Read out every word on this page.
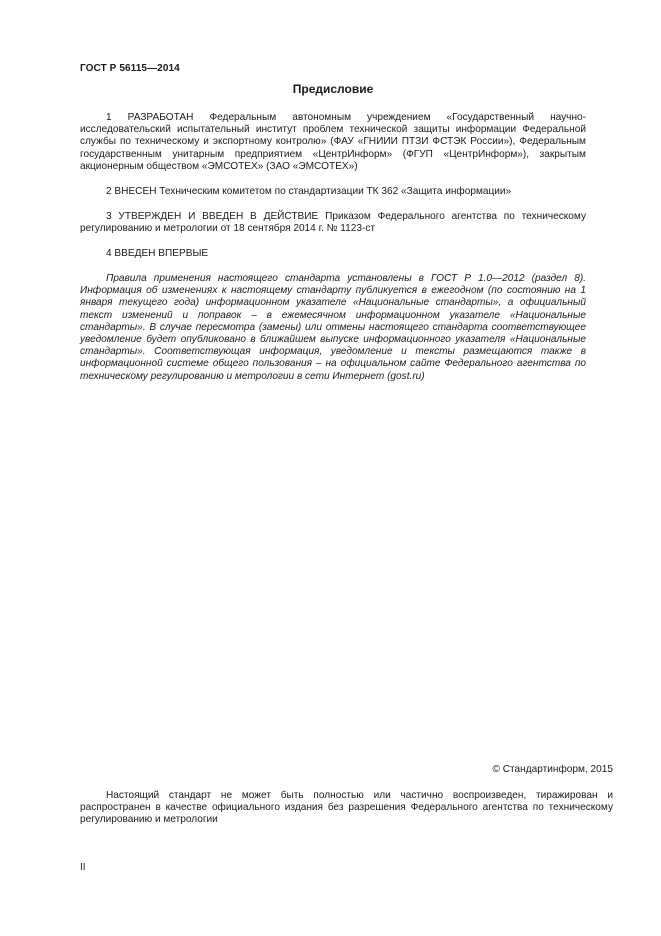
ГОСТ Р 56115—2014
Предисловие
1 РАЗРАБОТАН Федеральным автономным учреждением «Государственный научно-исследовательский испытательный институт проблем технической защиты информации Федеральной службы по техническому и экспортному контролю» (ФАУ «ГНИИИ ПТЗИ ФСТЭК России»), Федеральным государственным унитарным предприятием «ЦентрИнформ» (ФГУП «ЦентрИнформ»), закрытым акционерным обществом «ЭМСОТЕХ» (ЗАО «ЭМСОТЕХ»)
2 ВНЕСЕН Техническим комитетом по стандартизации ТК 362 «Защита информации»
3 УТВЕРЖДЕН И ВВЕДЕН В ДЕЙСТВИЕ Приказом Федерального агентства по техническому регулированию и метрологии от 18 сентября 2014 г. № 1123-ст
4 ВВЕДЕН ВПЕРВЫЕ
Правила применения настоящего стандарта установлены в ГОСТ Р 1.0—2012 (раздел 8). Информация об изменениях к настоящему стандарту публикуется в ежегодном (по состоянию на 1 января текущего года) информационном указателе «Национальные стандарты», а официальный текст изменений и поправок – в ежемесячном информационном указателе «Национальные стандарты». В случае пересмотра (замены) или отмены настоящего стандарта соответствующее уведомление будет опубликовано в ближайшем выпуске информационного указателя «Национальные стандарты». Соответствующая информация, уведомление и тексты размещаются также в информационной системе общего пользования – на официальном сайте Федерального агентства по техническому регулированию и метрологии в сети Интернет (gost.ru)
© Стандартинформ, 2015
Настоящий стандарт не может быть полностью или частично воспроизведен, тиражирован и распространен в качестве официального издания без разрешения Федерального агентства по техническому регулированию и метрологии
II
